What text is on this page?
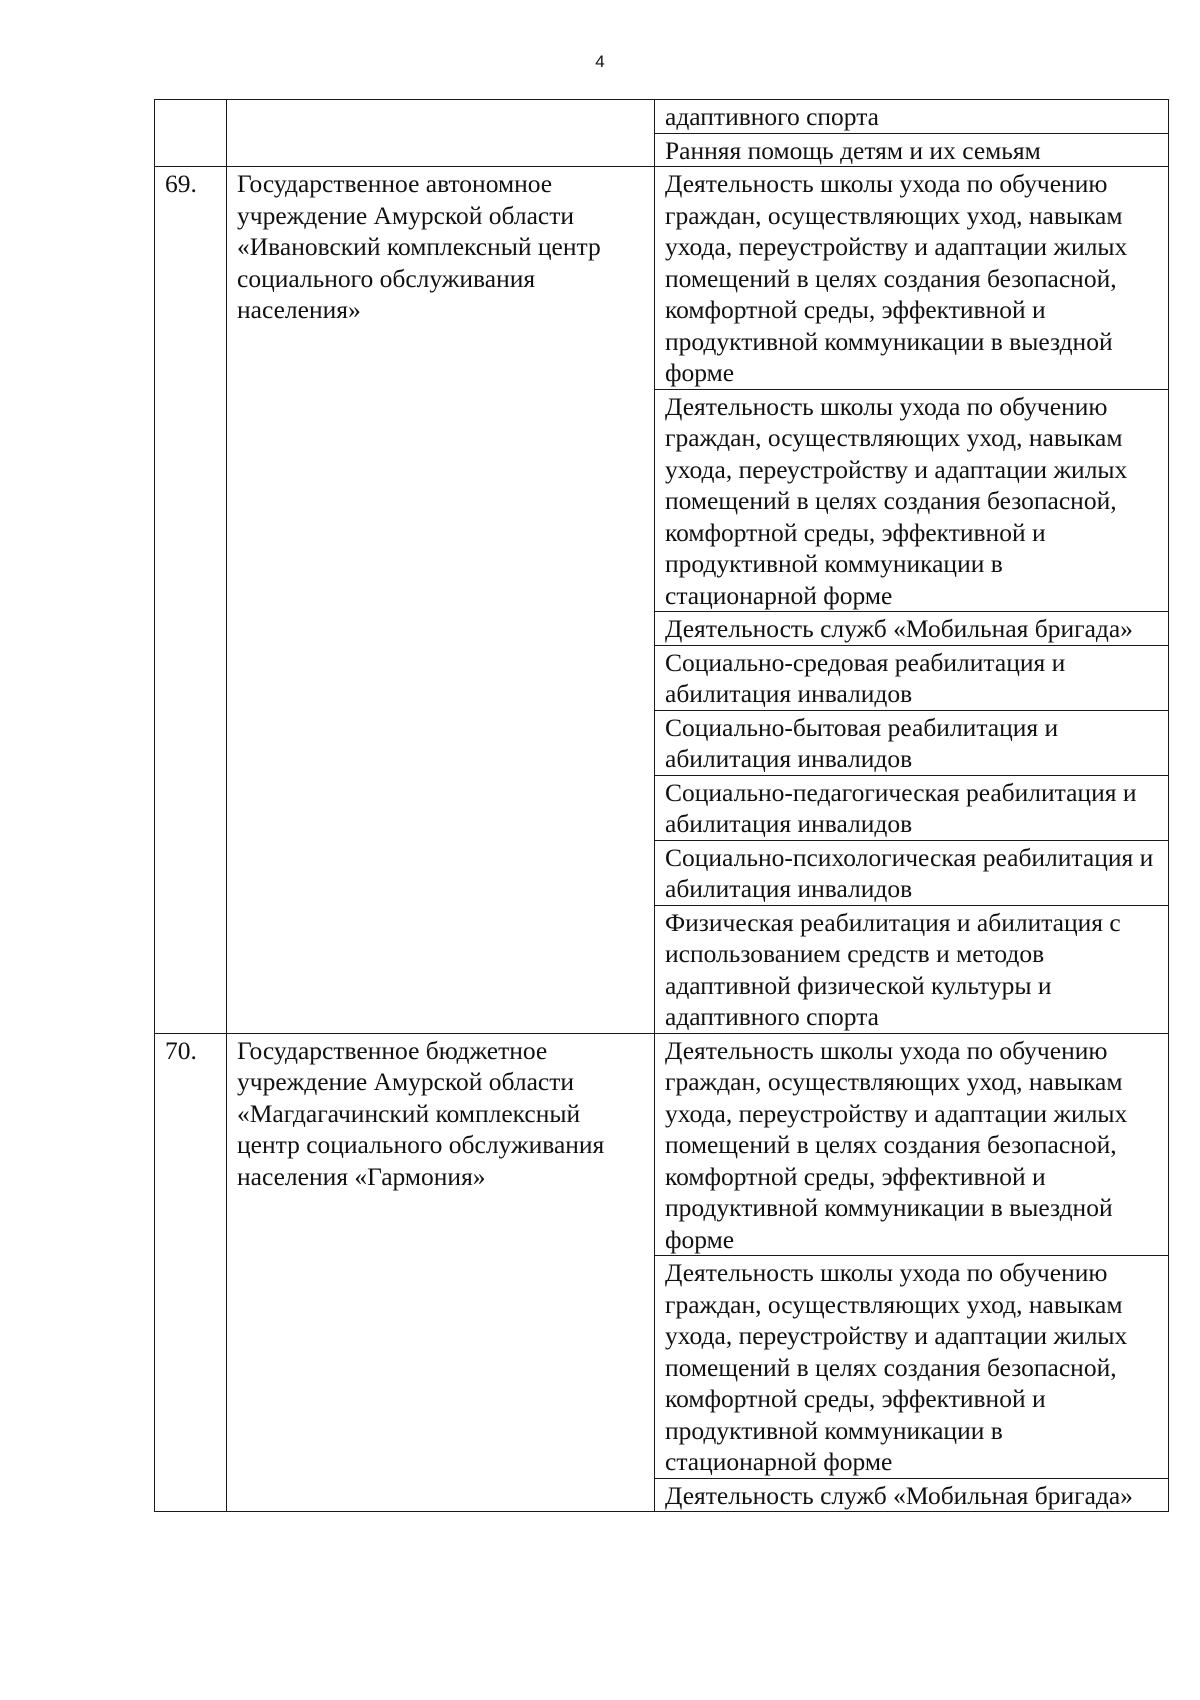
4
		адаптивного спорта
		Ранняя помощь детям и их семьям
69.	Государственное автономное учреждение Амурской области «Ивановский комплексный центр социального обслуживания населения»	Деятельность школы ухода по обучению граждан, осуществляющих уход, навыкам ухода, переустройству и адаптации жилых помещений в целях создания безопасной, комфортной среды, эффективной и продуктивной коммуникации в выездной форме
		Деятельность школы ухода по обучению граждан, осуществляющих уход, навыкам ухода, переустройству и адаптации жилых помещений в целях создания безопасной, комфортной среды, эффективной и продуктивной коммуникации в стационарной форме
		Деятельность служб «Мобильная бригада»
		Социально-средовая реабилитация и абилитация инвалидов
		Социально-бытовая реабилитация и абилитация инвалидов
		Социально-педагогическая реабилитация и абилитация инвалидов
		Социально-психологическая реабилитация и абилитация инвалидов
		Физическая реабилитация и абилитация с использованием средств и методов адаптивной физической культуры и адаптивного спорта
70.	Государственное бюджетное учреждение Амурской области «Магдагачинский комплексный центр социального обслуживания населения «Гармония»	Деятельность школы ухода по обучению граждан, осуществляющих уход, навыкам ухода, переустройству и адаптации жилых помещений в целях создания безопасной, комфортной среды, эффективной и продуктивной коммуникации в выездной форме
		Деятельность школы ухода по обучению граждан, осуществляющих уход, навыкам ухода, переустройству и адаптации жилых помещений в целях создания безопасной, комфортной среды, эффективной и продуктивной коммуникации в стационарной форме
		Деятельность служб «Мобильная бригада»
